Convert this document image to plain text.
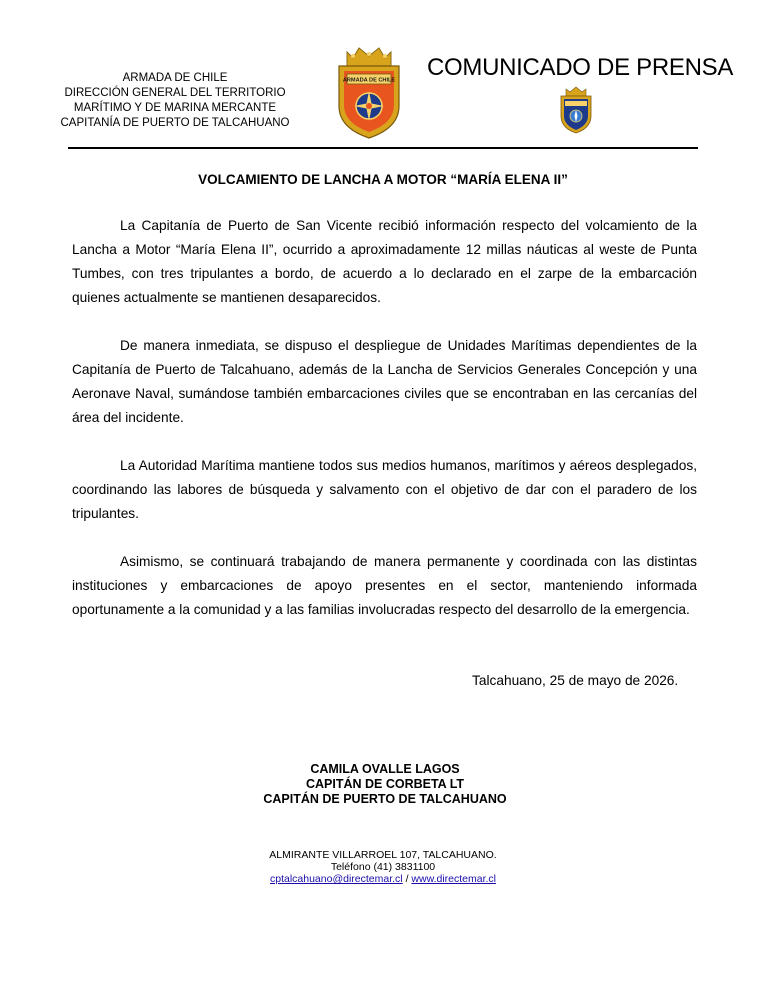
ARMADA DE CHILE
DIRECCIÓN GENERAL DEL TERRITORIO
MARÍTIMO Y DE MARINA MERCANTE
CAPITANÍA DE PUERTO DE TALCAHUANO
ARMADA DE CHILE COMUNICADO DE PRENSA
VOLCAMIENTO DE LANCHA A MOTOR “MARÍA ELENA II”

La Capitanía de Puerto de San Vicente recibió información respecto del volcamiento de la Lancha a Motor “María Elena II”, ocurrido a aproximadamente 12 millas náuticas al weste de Punta Tumbes, con tres tripulantes a bordo, de acuerdo a lo declarado en el zarpe de la embarcación quienes actualmente se mantienen desaparecidos.

De manera inmediata, se dispuso el despliegue de Unidades Marítimas dependientes de la Capitanía de Puerto de Talcahuano, además de la Lancha de Servicios Generales Concepción y una Aeronave Naval, sumándose también embarcaciones civiles que se encontraban en las cercanías del área del incidente.

La Autoridad Marítima mantiene todos sus medios humanos, marítimos y aéreos desplegados, coordinando las labores de búsqueda y salvamento con el objetivo de dar con el paradero de los tripulantes.

Asimismo, se continuará trabajando de manera permanente y coordinada con las distintas instituciones y embarcaciones de apoyo presentes en el sector, manteniendo informada oportunamente a la comunidad y a las familias involucradas respecto del desarrollo de la emergencia.

Talcahuano, 25 de mayo de 2026.
CAMILA OVALLE LAGOS
CAPITÁN DE CORBETA LT
CAPITÁN DE PUERTO DE TALCAHUANO
ALMIRANTE VILLARROEL 107, TALCAHUANO.
Teléfono (41) 3831100
cptalcahuano@directemar.cl / www.directemar.cl
